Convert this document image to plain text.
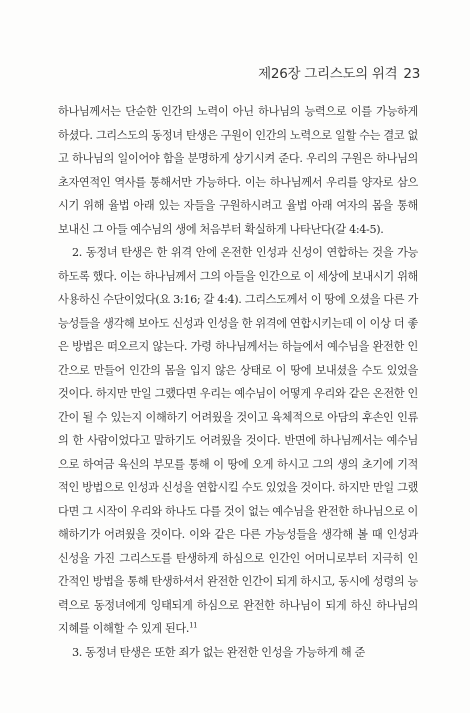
제26장 그리스도의 위격 23

하나님께서는 단순한 인간의 노력이 아닌 하나님의 능력으로 이를 가능하게 하셨다. 그리스도의 동정녀 탄생은 구원이 인간의 노력으로 일할 수는 결코 없고 하나님의 일이어야 함을 분명하게 상기시켜 준다. 우리의 구원은 하나님의 초자연적인 역사를 통해서만 가능하다. 이는 하나님께서 우리를 양자로 삼으시기 위해 율법 아래 있는 자들을 구원하시려고 율법 아래 여자의 몸을 통해 보내신 그 아들 예수님의 생에 처음부터 확실하게 나타난다(갈 4:4-5).

2. 동정녀 탄생은 한 위격 안에 온전한 인성과 신성이 연합하는 것을 가능하도록 했다. 이는 하나님께서 그의 아들을 인간으로 이 세상에 보내시기 위해 사용하신 수단이었다(요 3:16; 갈 4:4). 그리스도께서 이 땅에 오셨을 다른 가능성들을 생각해 보아도 신성과 인성을 한 위격에 연합시키는데 이 이상 더 좋은 방법은 떠오르지 않는다. 가령 하나님께서는 하늘에서 예수님을 완전한 인간으로 만들어 인간의 몸을 입지 않은 상태로 이 땅에 보내셨을 수도 있었을 것이다. 하지만 만일 그랬다면 우리는 예수님이 어떻게 우리와 같은 온전한 인간이 될 수 있는지 이해하기 어려웠을 것이고 육체적으로 아담의 후손인 인류의 한 사람이었다고 말하기도 어려웠을 것이다. 반면에 하나님께서는 예수님으로 하여금 육신의 부모를 통해 이 땅에 오게 하시고 그의 생의 초기에 기적적인 방법으로 인성과 신성을 연합시킬 수도 있었을 것이다. 하지만 만일 그랬다면 그 시작이 우리와 하나도 다를 것이 없는 예수님을 완전한 하나님으로 이해하기가 어려웠을 것이다. 이와 같은 다른 가능성들을 생각해 볼 때 인성과 신성을 가진 그리스도를 탄생하게 하심으로 인간인 어머니로부터 지극히 인간적인 방법을 통해 탄생하셔서 완전한 인간이 되게 하시고, 동시에 성령의 능력으로 동정녀에게 잉태되게 하심으로 완전한 하나님이 되게 하신 하나님의 지혜를 이해할 수 있게 된다.$^{11}$

3. 동정녀 탄생은 또한 죄가 없는 완전한 인성을 가능하게 해 준
